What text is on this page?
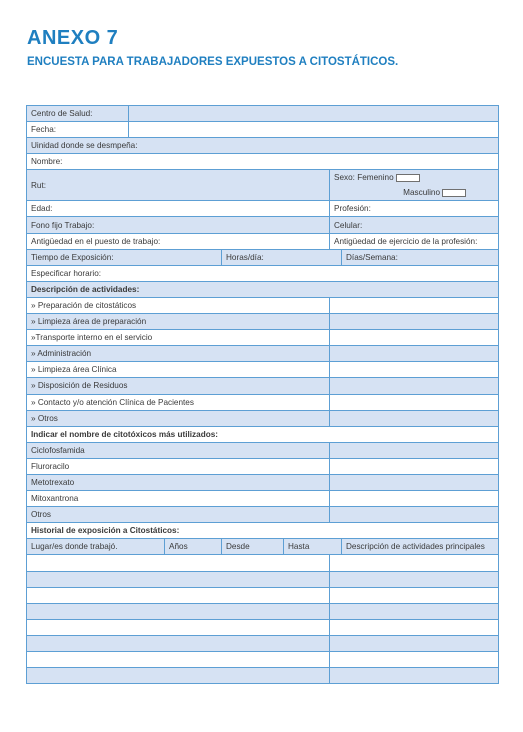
ANEXO 7
ENCUESTA PARA TRABAJADORES EXPUESTOS A CITOSTÁTICOS.
Centro de Salud:						
Fecha:						
Uinidad donde se desmpeña:						
Nombre:						
Rut:					Sexo: Femenino
Masculino	

Edad:					Profesión:	
Fono fijo Trabajo:					Celular:	
Antigüedad en el puesto de trabajo:					Antigüedad de ejercicio de la profesión:	
Tiempo de Exposición:			Horas/día:			Días/Semana:
Especificar horario:						
Descripción de actividades:						
» Preparación de citostáticos						
» Limpieza área de preparación						
»Transporte interno en el servicio						
» Administración						
» Limpieza área Clínica						
» Disposición de Residuos						
» Contacto y/o atención Clínica de Pacientes						
» Otros						
Indicar el nombre de citotóxicos más utilizados:						
Ciclofosfamida						
Fluroracilo						
Metotrexato						
Mitoxantrona						
Otros						
Historial de exposición a Citostáticos:						
Lugar/es donde trabajó.		Años	Desde	Hasta		Descripción de actividades principales
